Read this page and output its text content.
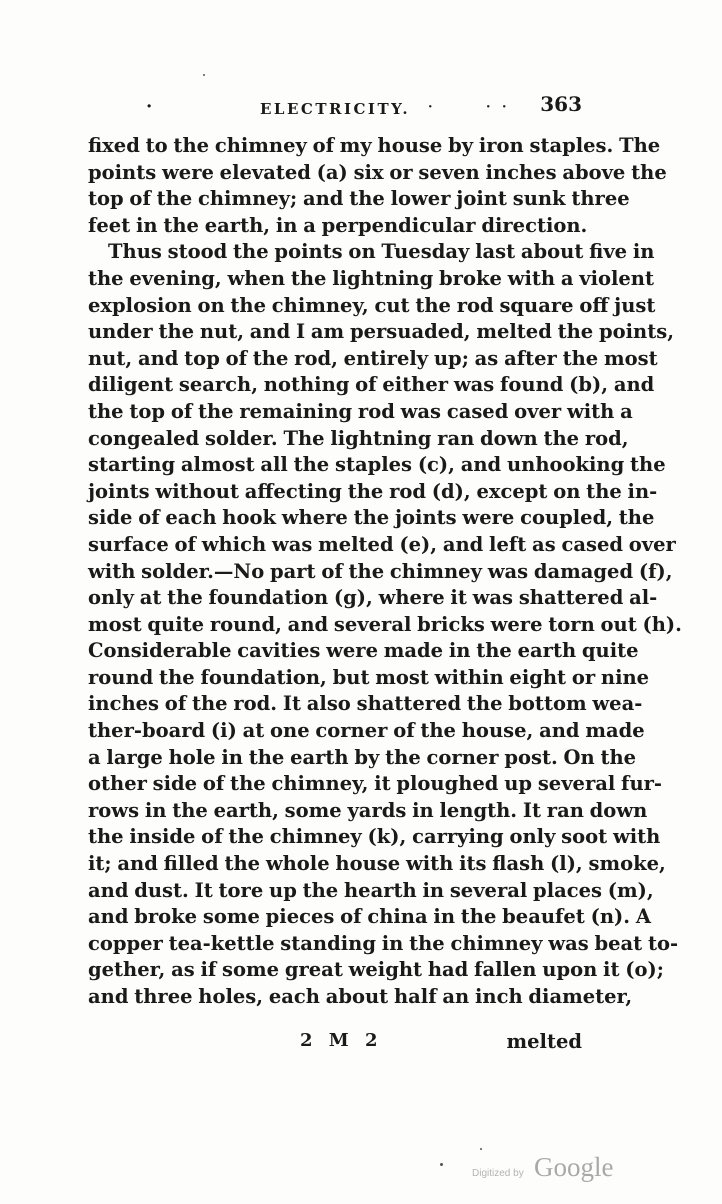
·	ELECTRICITY. ·	· · 363
fixed to the chimney of my house by iron staples. The
points were elevated (a) six or seven inches above the
top of the chimney; and the lower joint sunk three
feet in the earth, in a perpendicular direction.
Thus stood the points on Tuesday last about five in
the evening, when the lightning broke with a violent
explosion on the chimney, cut the rod square off just
under the nut, and I am persuaded, melted the points,
nut, and top of the rod, entirely up; as after the most
diligent search, nothing of either was found (b), and
the top of the remaining rod was cased over with a
congealed solder. The lightning ran down the rod,
starting almost all the staples (c), and unhooking the
joints without affecting the rod (d), except on the in-
side of each hook where the joints were coupled, the
surface of which was melted (e), and left as cased over
with solder.—No part of the chimney was damaged (f),
only at the foundation (g), where it was shattered al-
most quite round, and several bricks were torn out (h).
Considerable cavities were made in the earth quite
round the foundation, but most within eight or nine
inches of the rod. It also shattered the bottom wea-
ther-board (i) at one corner of the house, and made
a large hole in the earth by the corner post. On the
other side of the chimney, it ploughed up several fur-
rows in the earth, some yards in length. It ran down
the inside of the chimney (k), carrying only soot with
it; and filled the whole house with its flash (l), smoke,
and dust. It tore up the hearth in several places (m),
and broke some pieces of china in the beaufet (n). A
copper tea-kettle standing in the chimney was beat to-
gether, as if some great weight had fallen upon it (o);
and three holes, each about half an inch diameter,
2 M 2	melted
Digitized by Google
